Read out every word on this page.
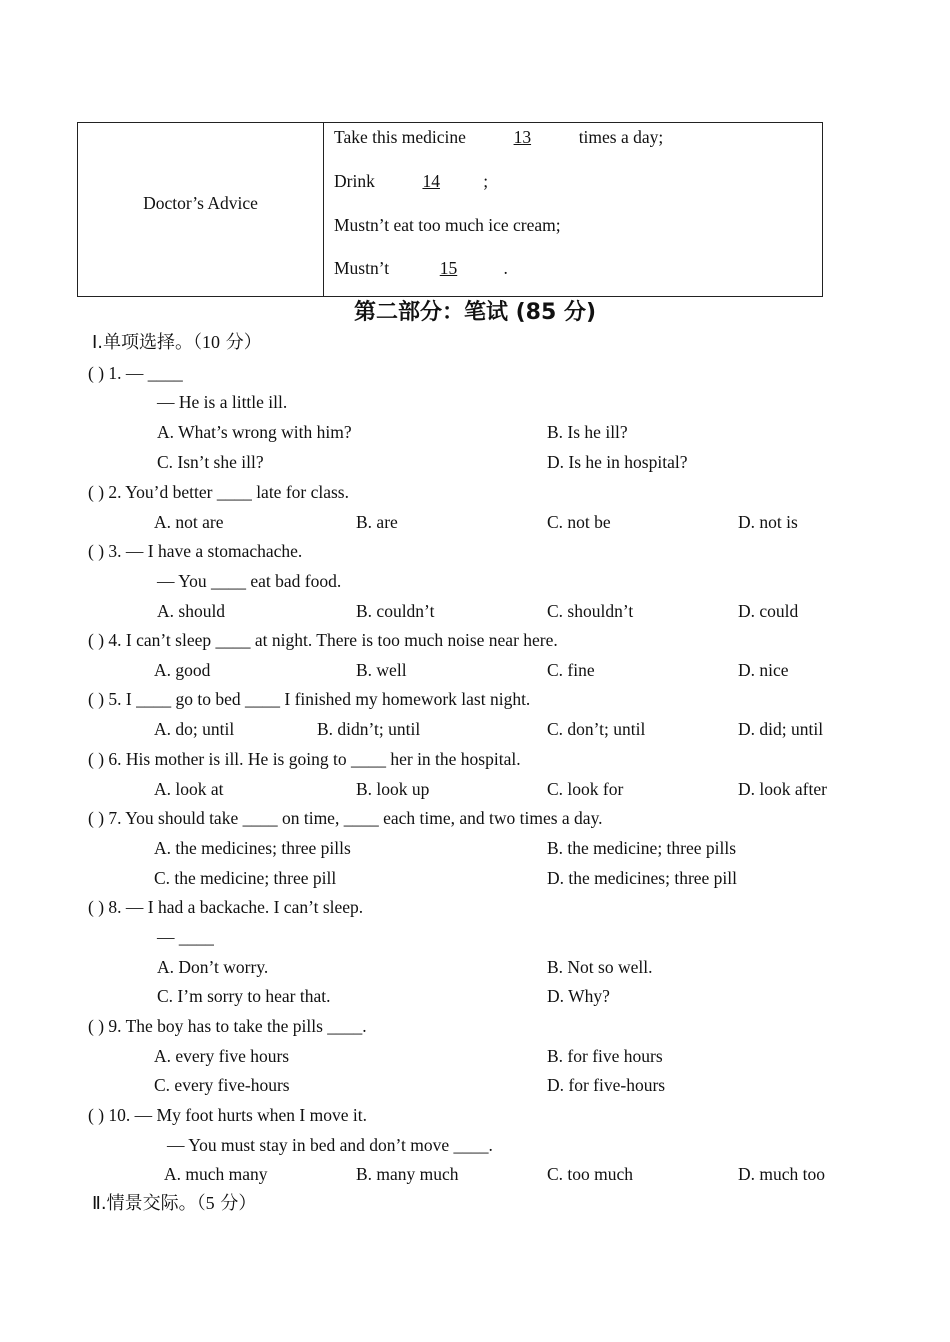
Doctor’s Advice
Take this medicine 13 times a day;
Drink 14 ;
Mustn’t eat too much ice cream;
Mustn’t	15	.
第二部分：笔试 (85 分)
Ⅰ.单项选择。（10 分）
( ) 1. — ____
— He is a little ill.
A. What’s wrong with him?	B. Is he ill?
C. Isn’t she ill?	D. Is he in hospital?
( ) 2. You’d better ____ late for class.
A. not are	B. are	C. not be	D. not is
( ) 3. — I have a stomachache.
— You ____ eat bad food.
A. should	B. couldn’t	C. shouldn’t	D. could
( ) 4. I can’t sleep ____ at night. There is too much noise near here.
A. good	B. well	C. fine	D. nice
( ) 5. I ____ go to bed ____ I finished my homework last night.
A. do; until	B. didn’t; until	C. don’t; until	D. did; until
( ) 6. His mother is ill. He is going to ____ her in the hospital.
A. look at	B. look up	C. look for	D. look after
( ) 7. You should take ____ on time, ____ each time, and two times a day.
A. the medicines; three pills	B. the medicine; three pills
C. the medicine; three pill	D. the medicines; three pill
( ) 8. — I had a backache. I can’t sleep.
— ____
A. Don’t worry.	B. Not so well.
C. I’m sorry to hear that.	D. Why?
( ) 9. The boy has to take the pills ____.
A. every five hours	B. for five hours
C. every five-hours	D. for five-hours
( ) 10. — My foot hurts when I move it.
— You must stay in bed and don’t move ____.
A. much many	B. many much	C. too much	D. much too
Ⅱ.情景交际。（5 分）
